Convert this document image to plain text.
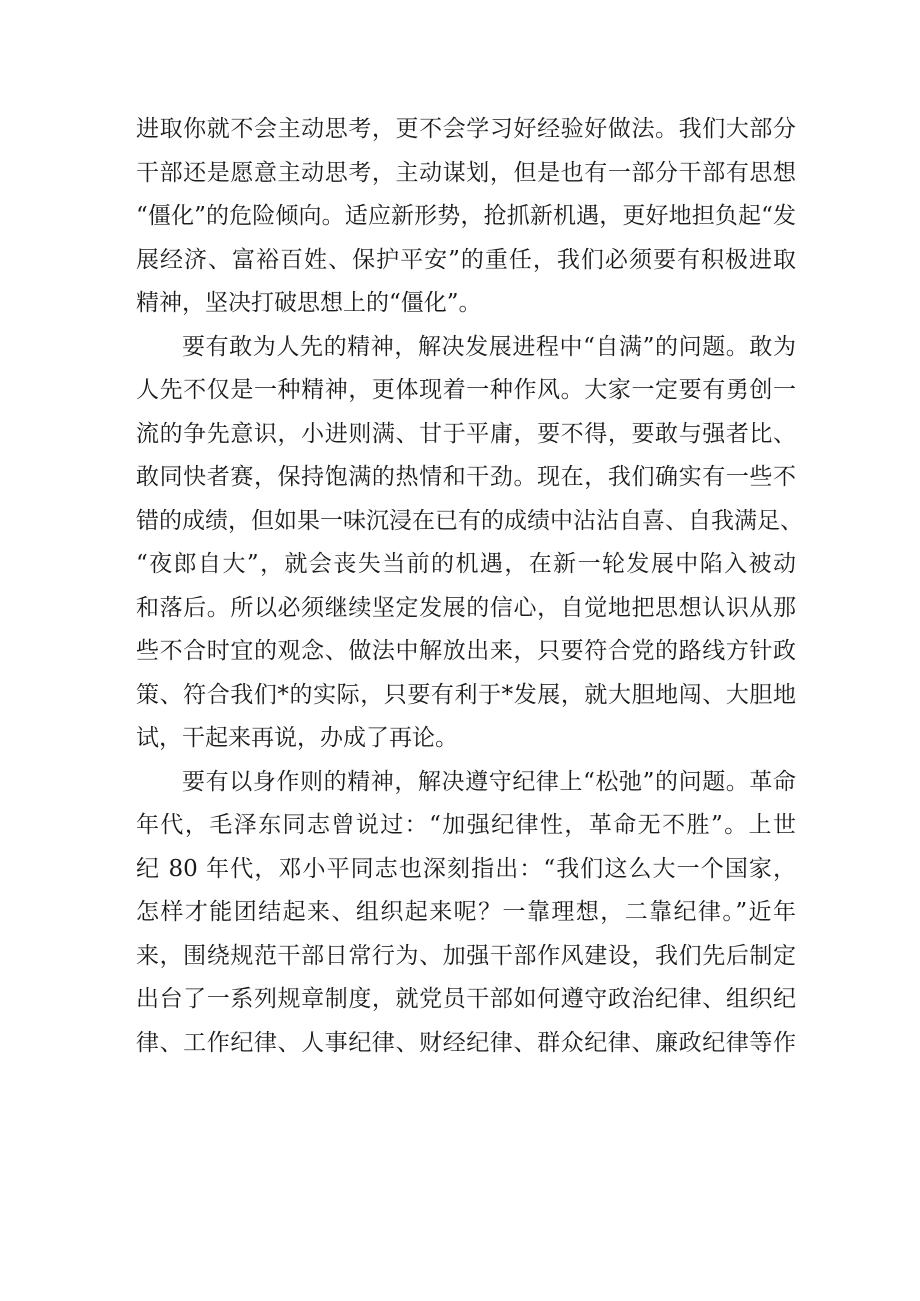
进取你就不会主动思考，更不会学习好经验好做法。我们大部分
干部还是愿意主动思考，主动谋划，但是也有一部分干部有思想
“僵化”的危险倾向。适应新形势，抢抓新机遇，更好地担负起“发
展经济、富裕百姓、保护平安”的重任，我们必须要有积极进取
精神，坚决打破思想上的“僵化”。
要有敢为人先的精神，解决发展进程中“自满”的问题。敢为
人先不仅是一种精神，更体现着一种作风。大家一定要有勇创一
流的争先意识，小进则满、甘于平庸，要不得，要敢与强者比、
敢同快者赛，保持饱满的热情和干劲。现在，我们确实有一些不
错的成绩，但如果一味沉浸在已有的成绩中沾沾自喜、自我满足、
“夜郎自大”，就会丧失当前的机遇，在新一轮发展中陷入被动
和落后。所以必须继续坚定发展的信心，自觉地把思想认识从那
些不合时宜的观念、做法中解放出来，只要符合党的路线方针政
策、符合我们*的实际，只要有利于*发展，就大胆地闯、大胆地
试，干起来再说，办成了再论。
要有以身作则的精神，解决遵守纪律上“松弛”的问题。革命
年代，毛泽东同志曾说过：“加强纪律性，革命无不胜”。上世
纪 80 年代，邓小平同志也深刻指出：“我们这么大一个国家，
怎样才能团结起来、组织起来呢？一靠理想，二靠纪律。”近年
来，围绕规范干部日常行为、加强干部作风建设，我们先后制定
出台了一系列规章制度，就党员干部如何遵守政治纪律、组织纪
律、工作纪律、人事纪律、财经纪律、群众纪律、廉政纪律等作
